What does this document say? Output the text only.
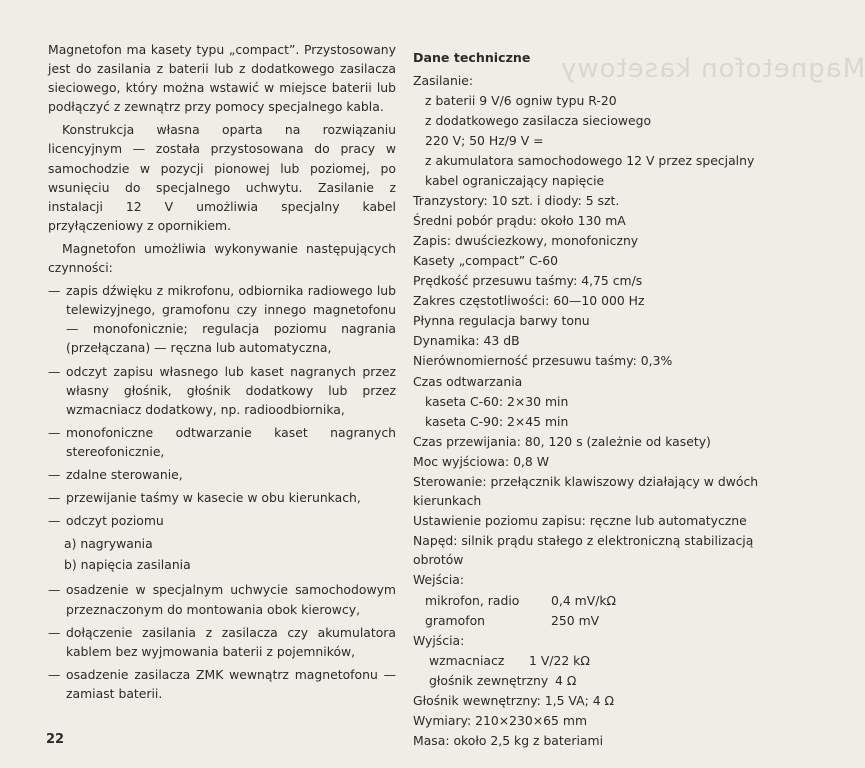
Magnetofon kasetowy

Magnetofon ma kasety typu „compact”. Przystosowany jest do zasilania z baterii lub z dodatkowego zasilacza sieciowego, który można wstawić w miejsce baterii lub podłączyć z zewnątrz przy pomocy specjalnego kabla.

Konstrukcja własna oparta na rozwiązaniu licencyjnym — została przystosowana do pracy w samochodzie w pozycji pionowej lub poziomej, po wsunięciu do specjalnego uchwytu. Zasilanie z instalacji 12 V umożliwia specjalny kabel przyłączeniowy z opornikiem.

Magnetofon umożliwia wykonywanie następujących czynności:

— zapis dźwięku z mikrofonu, odbiornika radiowego lub telewizyjnego, gramofonu czy innego magnetofonu — monofonicznie; regulacja poziomu nagrania (przełączana) — ręczna lub automatyczna,
— odczyt zapisu własnego lub kaset nagranych przez własny głośnik, głośnik dodatkowy lub przez wzmacniacz dodatkowy, np. radioodbiornika,
— monofoniczne odtwarzanie kaset nagranych stereofonicznie,
— zdalne sterowanie,
— przewijanie taśmy w kasecie w obu kierunkach,
— odczyt poziomu
a) nagrywania
b) napięcia zasilania
— osadzenie w specjalnym uchwycie samochodowym przeznaczonym do montowania obok kierowcy,
— dołączenie zasilania z zasilacza czy akumulatora kablem bez wyjmowania baterii z pojemników,
— osadzenie zasilacza ZMK wewnątrz magnetofonu — zamiast baterii.
Dane techniczne
Zasilanie:
z baterii 9 V/6 ogniw typu R-20
z dodatkowego zasilacza sieciowego
220 V; 50 Hz/9 V =
z akumulatora samochodowego 12 V przez specjalny kabel ograniczający napięcie
Tranzystory: 10 szt. i diody: 5 szt.
Średni pobór prądu: około 130 mA
Zapis: dwuściezkowy, monofoniczny
Kasety „compact” C-60
Prędkość przesuwu taśmy: 4,75 cm/s
Zakres częstotliwości: 60—10 000 Hz
Płynna regulacja barwy tonu
Dynamika: 43 dB
Nierównomierność przesuwu taśmy: 0,3%
Czas odtwarzania
kaseta C-60: 2×30 min
kaseta C-90: 2×45 min
Czas przewijania: 80, 120 s (zależnie od kasety)
Moc wyjściowa: 0,8 W
Sterowanie: przełącznik klawiszowy działający w dwóch kierunkach
Ustawienie poziomu zapisu: ręczne lub automatyczne
Napęd: silnik prądu stałego z elektroniczną stabilizacją obrotów
Wejścia:
mikrofon, radio	0,4 mV/kΩ
gramofon	250 mV
Wyjścia:
wzmacniacz	1 V/22 kΩ
głośnik zewnętrzny 4 Ω
Głośnik wewnętrzny: 1,5 VA; 4 Ω
Wymiary: 210×230×65 mm
Masa: około 2,5 kg z bateriami
22
